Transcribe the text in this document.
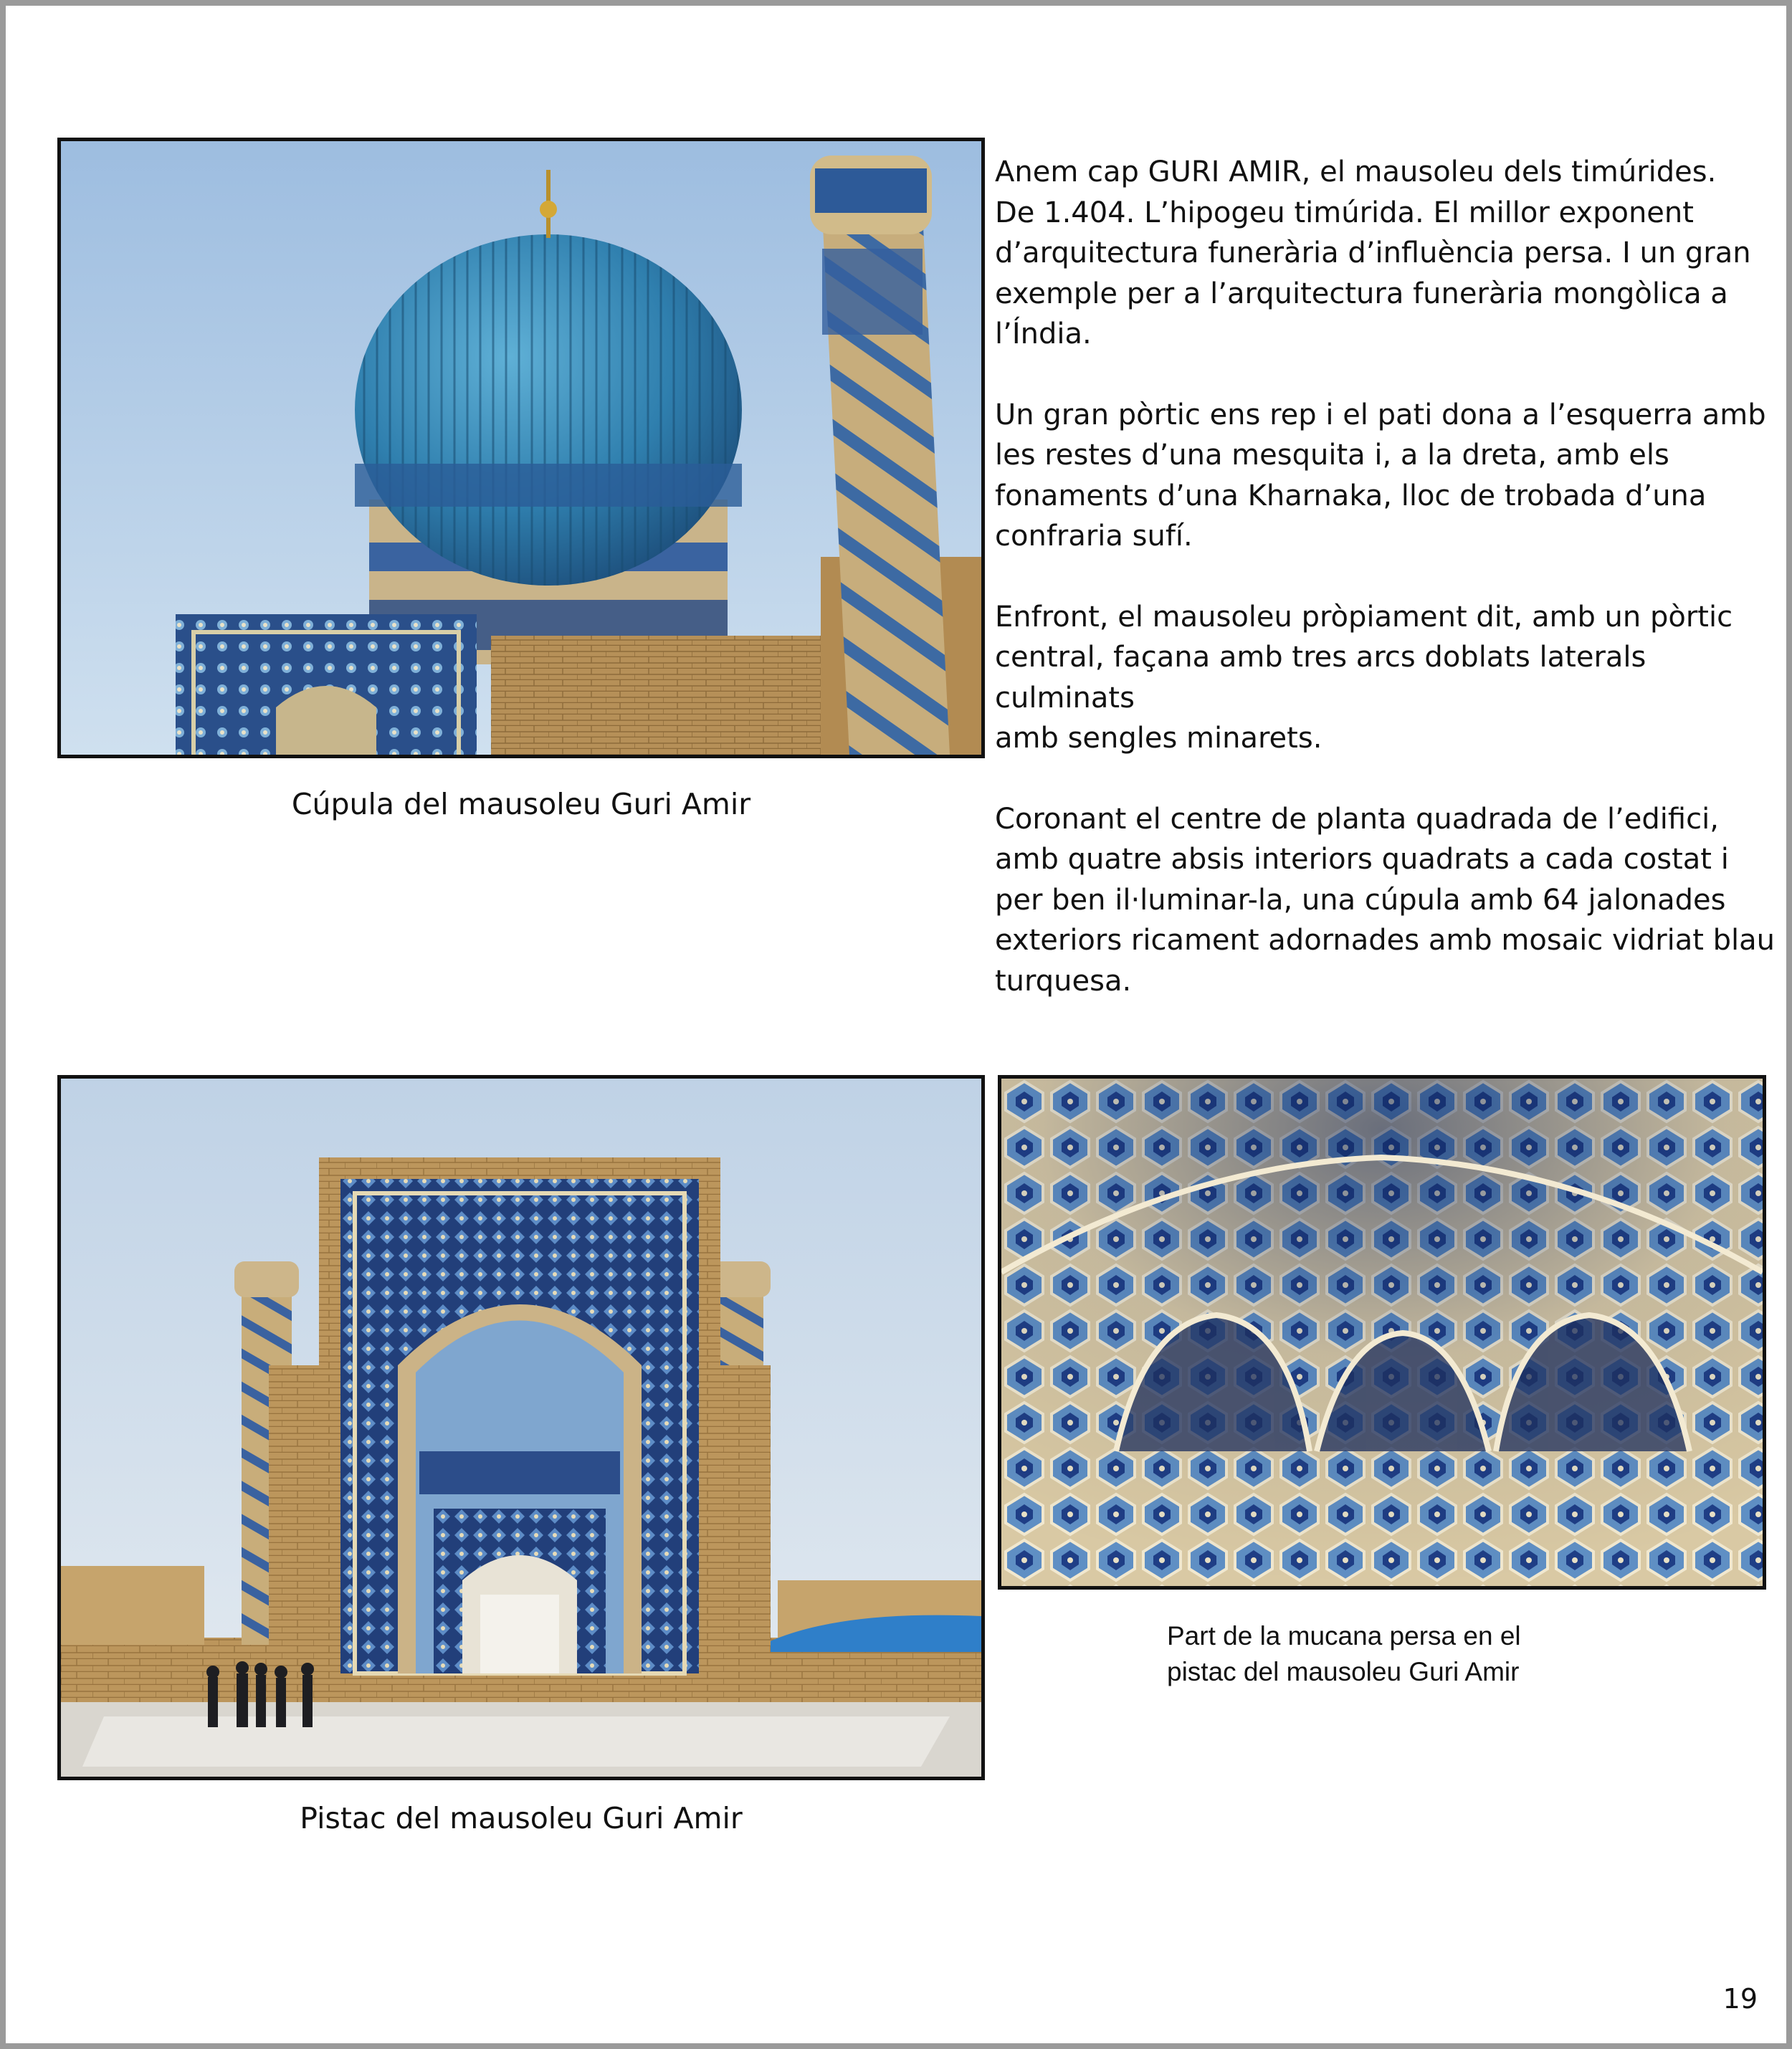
Cúpula del mausoleu Guri Amir

Anem cap GURI AMIR, el mausoleu dels timúrides.
De 1.404. L’hipogeu timúrida. El millor exponent
d’arquitectura funerària d’influència persa. I un gran
exemple per a l’arquitectura funerària mongòlica a
l’Índia.

Un gran pòrtic ens rep i el pati dona a l’esquerra amb
les restes d’una mesquita i, a la dreta, amb els
fonaments d’una Kharnaka, lloc de trobada d’una
confraria sufí.

Enfront, el mausoleu pròpiament dit, amb un pòrtic
central, façana amb tres arcs doblats laterals culminats
amb sengles minarets.

Coronant el centre de planta quadrada de l’edifici,
amb quatre absis interiors quadrats a cada costat i
per ben il·luminar-la, una cúpula amb 64 jalonades
exteriors ricament adornades amb mosaic vidriat blau
turquesa.

Pistac del mausoleu Guri Amir
Part de la mucana persa en el
pistac del mausoleu Guri Amir
19
